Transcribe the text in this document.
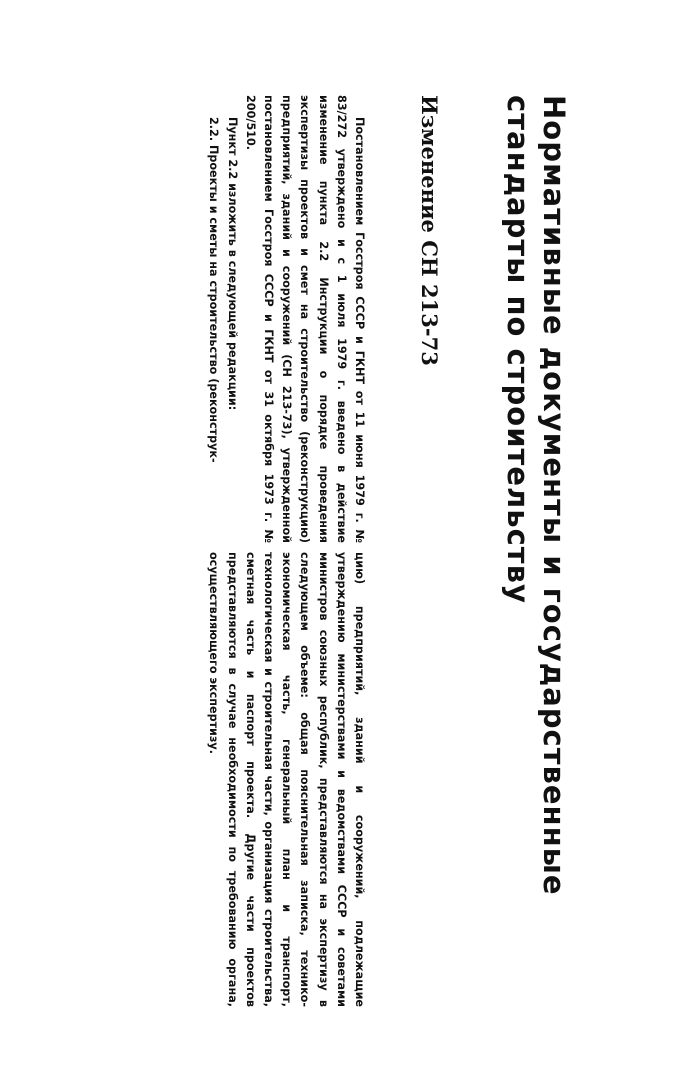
Нормативные документы и государственные стандарты по строительству
Изменение СН 213-73

Постановлением Госстроя СССР и ГКНТ от 11 июня 1979 г. № 83/272 утверждено и с 1 июля 1979 г. введено в действие изменение пункта 2.2 Инструкции о порядке проведения экспертизы проектов и смет на строительство (реконструкцию) предприятий, зданий и сооружений (СН 213-73), утвержденной постановлением Госстроя СССР и ГКНТ от 31 октября 1973 г. № 200/510.

Пункт 2.2 изложить в следующей редакции:

2.2. Проекты и сметы на строительство (реконструк-

цию) предприятий, зданий и сооружений, подлежащие утверждению министерствами и ведомствами СССР и советами министров союзных республик, представляются на экспертизу в следующем объеме: общая пояснительная записка, технико-экономическая часть, генеральный план и транспорт, технологическая и строительная части, организация строительства, сметная часть и паспорт проекта. Другие части проектов представляются в случае необходимости по требованию органа, осуществляющего экспертизу.
